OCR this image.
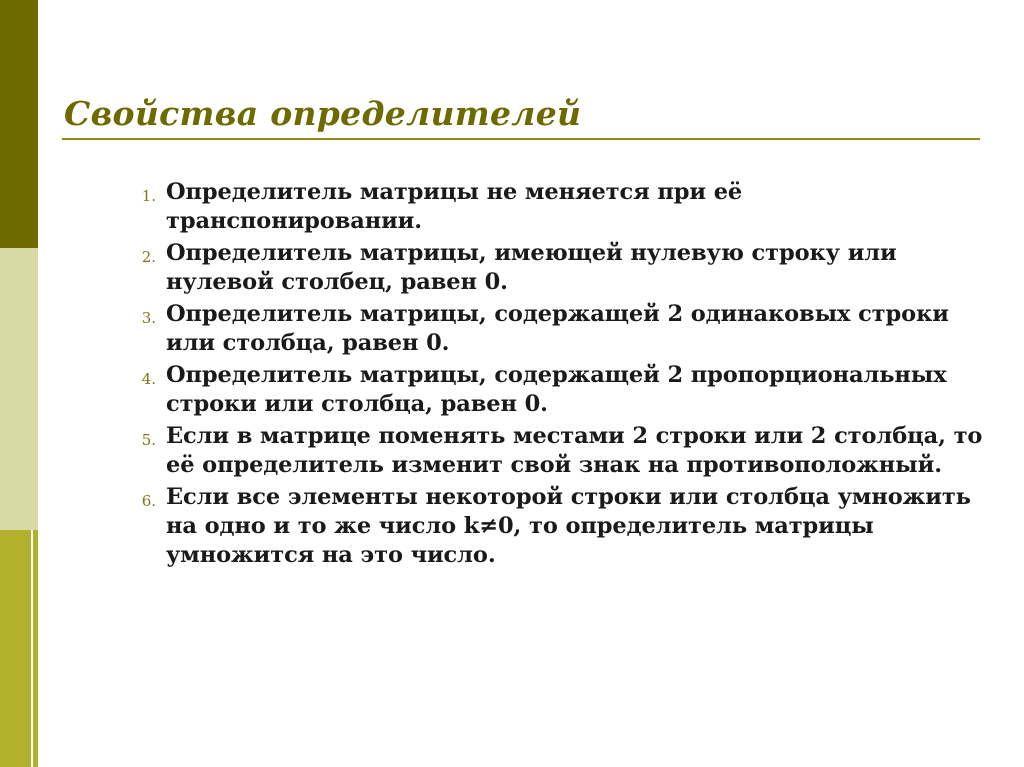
Свойства определителей
1. Определитель матрицы не меняется при её транспонировании.
2. Определитель матрицы, имеющей нулевую строку или нулевой столбец, равен 0.
3. Определитель матрицы, содержащей 2 одинаковых строки или столбца, равен 0.
4. Определитель матрицы, содержащей 2 пропорциональных строки или столбца, равен 0.
5. Если в матрице поменять местами 2 строки или 2 столбца, то её определитель изменит свой знак на противоположный.
6. Если все элементы некоторой строки или столбца умножить на одно и то же число k≠0, то определитель матрицы умножится на это число.
